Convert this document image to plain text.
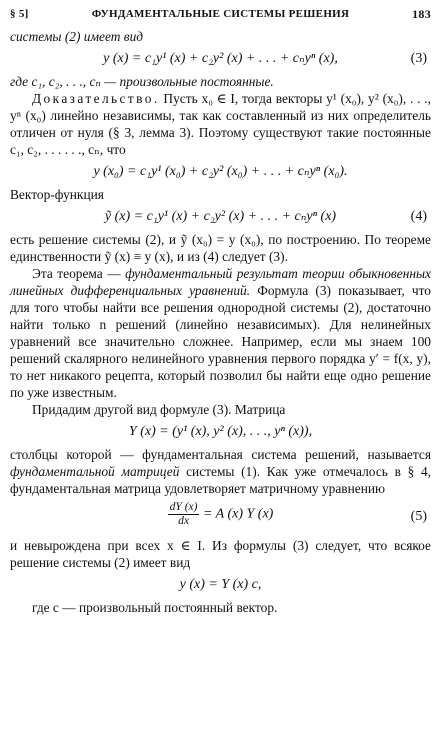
§ 5]	ФУНДАМЕНТАЛЬНЫЕ СИСТЕМЫ РЕШЕНИЯ	183

системы (2) имеет вид

y (x) = c₁y¹ (x) + c₂y² (x) + . . . + cₙyⁿ (x),	(3)

где c₁, c₂, . . ., cₙ — произвольные постоянные.

Доказательство. Пусть x₀ ∈ I, тогда векторы y¹ (x₀), y² (x₀), . . ., yⁿ (x₀) линейно независимы, так как составленный из них определитель отличен от нуля (§ 3, лемма 3). Поэтому существуют такие постоянные c₁, c₂, . . . . . ., cₙ, что

y (x₀) = c₁y¹ (x₀) + c₂y² (x₀) + . . . + cₙyⁿ (x₀).

Вектор-функция

ỹ (x) = c₁y¹ (x) + c₂y² (x) + . . . + cₙyⁿ (x)	(4)

есть решение системы (2), и ỹ (x₀) = y (x₀), по построению. По теореме единственности ỹ (x) ≡ y (x), и из (4) следует (3).

Эта теорема — фундаментальный результат теории обыкновенных линейных дифференциальных уравнений. Формула (3) показывает, что для того чтобы найти все решения однородной системы (2), достаточно найти только n решений (линейно независимых). Для нелинейных уравнений все значительно сложнее. Например, если мы знаем 100 решений скалярного нелинейного уравнения первого порядка y′ = f(x, y), то нет никакого рецепта, который позволил бы найти еще одно решение по уже известным.

Придадим другой вид формуле (3). Матрица

Y (x) = (y¹ (x), y² (x), . . ., yⁿ (x)),

столбцы которой — фундаментальная система решений, называется фундаментальной матрицей системы (1). Как уже отмечалось в § 4, фундаментальная матрица удовлетворяет матричному уравнению

$\frac{dY (x)}{dx} = A$ (x) Y (x)	(5)

и невырождена при всех x ∈ I. Из формулы (3) следует, что всякое решение системы (2) имеет вид

y (x) = Y (x) c,

где c — произвольный постоянный вектор.
